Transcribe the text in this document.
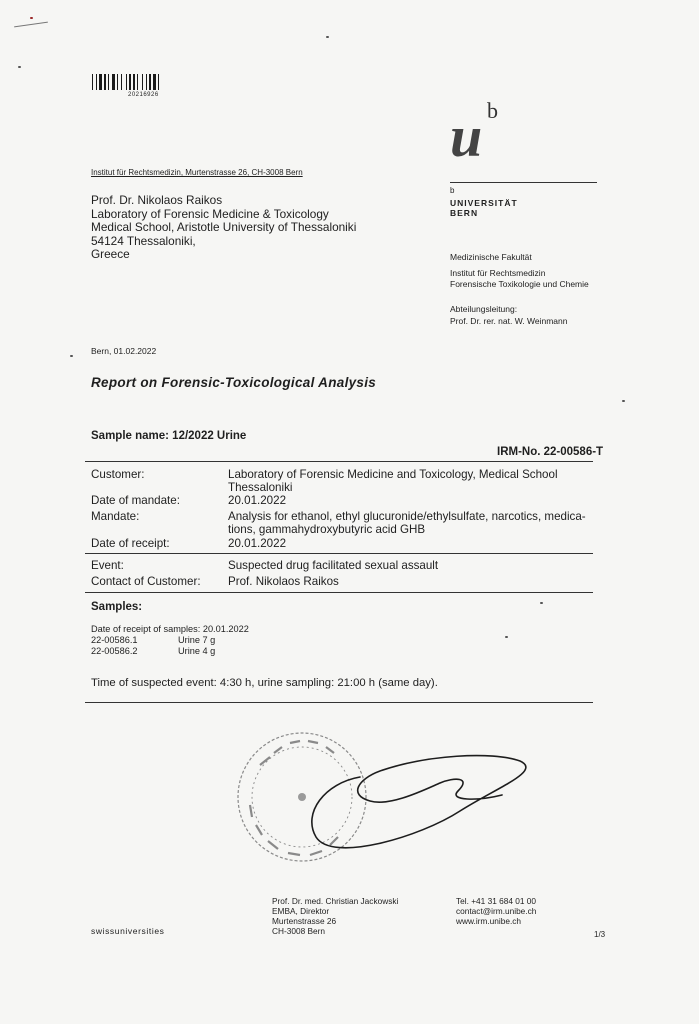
20216926
u b
b
UNIVERSITÄT
BERN
Institut für Rechtsmedizin, Murtenstrasse 26, CH-3008 Bern
Prof. Dr. Nikolaos Raikos
Laboratory of Forensic Medicine & Toxicology
Medical School, Aristotle University of Thessaloniki
54124 Thessaloniki,
Greece	Medizinische Fakultät
Institut für Rechtsmedizin
Forensische Toxikologie und Chemie
Abteilungsleitung:
Prof. Dr. rer. nat. W. Weinmann
Bern, 01.02.2022
Report on Forensic-Toxicological Analysis
Sample name: 12/2022 Urine
IRM-No. 22-00586-T
Customer:	Laboratory of Forensic Medicine and Toxicology, Medical School
Thessaloniki
Date of mandate:	20.01.2022
Mandate:	Analysis for ethanol, ethyl glucuronide/ethylsulfate, narcotics, medica-
tions, gammahydroxybutyric acid GHB
Date of receipt:	20.01.2022
Event:	Suspected drug facilitated sexual assault
Contact of Customer: Prof. Nikolaos Raikos
Samples:
Date of receipt of samples: 20.01.2022
22-00586.1	Urine 7 g
22-00586.2	Urine 4 g
Time of suspected event: 4:30 h, urine sampling: 21:00 h (same day).
swissuniversities
Prof. Dr. med. Christian Jackowski
EMBA, Direktor
Murtenstrasse 26
CH-3008 Bern
Tel. +41 31 684 01 00
contact@irm.unibe.ch
www.irm.unibe.ch
1/3
